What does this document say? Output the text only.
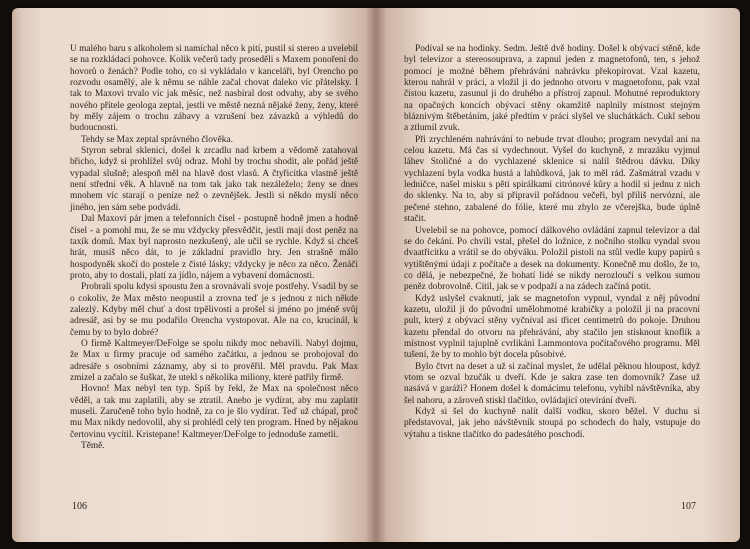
U malého baru s alkoholem si namíchal něco k pití, pustil si stereo a uvelebil se na rozkládací pohovce. Kolik večerů tady proseděli s Maxem ponořeni do hovorů o ženách? Podle toho, co si vykládalo v kanceláři, byl Orencho po rozvodu osamělý, ale k němu se náhle začal chovat daleko víc přátelsky. I tak to Maxovi trvalo víc jak měsíc, než nasbíral dost odvahy, aby se svého nového přítele geologa zeptal, jestli ve městě nezná nějaké ženy, ženy, které by měly zájem o trochu zábavy a vzrušení bez závazků a výhledů do budoucnosti.

Tehdy se Max zeptal správného člověka.

Styron sebral sklenici, došel k zrcadlu nad krbem a vědomě zatahoval břicho, když si prohlížel svůj odraz. Mohl by trochu shodit, ale pořád ještě vypadal slušně; alespoň měl na hlavě dost vlasů. A čtyřicítka vlastně ještě není střední věk. A hlavně na tom tak jako tak nezáleželo; ženy se dnes mnohem víc starají o peníze než o zevnějšek. Jestli si někdo myslí něco jiného, jen sám sebe podvádí.

Dal Maxovi pár jmen a telefonních čísel - postupně hodně jmen a hodně čísel - a pomohl mu, že se mu vždycky přesvědčit, jestli mají dost peněz na taxík domů. Max byl naprosto nezkušený, ale učil se rychle. Když si chceš hrát, musíš něco dát, to je základní pravidlo hry. Jen strašně málo hospodyněk skočí do postele z čisté lásky; vždycky je něco za něco. Ženáči proto, aby to dostali, platí za jídlo, nájem a vybavení domácnosti.

Probrali spolu kdysi spoustu žen a srovnávali svoje postřehy. Vsadil by se o cokoliv, že Max město neopustil a zrovna teď je s jednou z nich někde zalezlý. Kdyby měl chuť a dost trpělivosti a prošel si jméno po jméně svůj adresář, asi by se mu podařilo Orencha vystopovat. Ale na co, krucinál, k čemu by to bylo dobré?

O firmě Kaltmeyer/DeFolge se spolu nikdy moc nebavili. Nabyl dojmu, že Max u firmy pracuje od samého začátku, a jednou se probojoval do adresáře s osobními záznamy, aby si to prověřil. Měl pravdu. Pak Max zmizel a začalo se šuškat, že utekl s několika miliony, které patřily firmě.

Hovno! Max nebyl ten typ. Spíš by řekl, že Max na společnost něco věděl, a tak mu zaplatili, aby se ztratil. Anebo je vydírat, aby mu zaplatit museli. Zaručeně toho bylo hodně, za co je šlo vydírat. Teď už chápal, proč mu Max nikdy nedovolil, aby si prohlédl celý ten program. Hned by nějakou čertovinu vycítil. Kristepane! Kaltmeyer/DeFolge to jednoduše zametli.

Těmě.

106

Podíval se na hodinky. Sedm. Ještě dvě hodiny. Došel k obývací stěně, kde byl televizor a stereosouprava, a zapnul jeden z magnetofonů, ten, s jehož pomocí je možné během přehrávání nahrávku překopírovat. Vzal kazetu, kterou nahrál v práci, a vložil ji do jednoho otvoru v magnetofonu, pak vzal čistou kazetu, zasunul ji do druhého a přístroj zapnul. Mohutné reproduktory na opačných koncích obývací stěny okamžitě naplnily místnost stejným bláznivým štěbetáním, jaké předtím v práci slyšel ve sluchátkách. Cukl sebou a ztlumil zvuk.

Při zrychleném nahrávání to nebude trvat dlouho; program nevydal ani na celou kazetu. Má čas si vydechnout. Vyšel do kuchyně, z mrazáku vyjmul láhev Stoličné a do vychlazené sklenice si nalil štědrou dávku. Díky vychlazení byla vodka hustá a lahůdková, jak to měl rád. Zašmátral vzadu v ledničce, našel misku s pěti spirálkami citrónové kůry a hodil si jednu z nich do sklenky. Na to, aby si připravil pořádnou večeři, byl příliš nervózní, ale pečené stehno, zabalené do fólie, které mu zbylo ze včerejška, bude úplně stačit.

Uvelebil se na pohovce, pomocí dálkového ovládání zapnul televizor a dal se do čekání. Po chvíli vstal, přešel do ložnice, z nočního stolku vyndal svou dvaatřicítku a vrátil se do obýváku. Položil pistoli na stůl vedle kupy papírů s vytištěnými údaji z počítače a desek na dokumenty. Konečně mu došlo, že to, co dělá, je nebezpečné, že bohatí lidé se nikdy nerozloučí s velkou sumou peněz dobrovolně. Cítil, jak se v podpaží a na zádech začíná potit.

Když uslyšel cvaknutí, jak se magnetofon vypnul, vyndal z něj původní kazetu, uložil ji do původní umělohmotné krabičky a položil ji na pracovní pult, který z obývací stěny vyčníval asi třicet centimetrů do pokoje. Druhou kazetu přendal do otvoru na přehrávání, aby stačilo jen stisknout knoflík a místnost vyplnil tajuplně cvrlikání Lammontova počítačového programu. Měl tušení, že by to mohlo být docela působivé.

Bylo čtvrt na deset a už si začínal myslet, že udělal pěknou hloupost, když vtom se ozval bzučák u dveří. Kde je sakra zase ten domovník? Zase už nasává v garáži? Honem došel k domácímu telefonu, vyhibl návštěvníka, aby šel nahoru, a zároveň stiskl tlačítko, ovládající otevírání dveří.

Když si šel do kuchyně nalít další vodku, skoro běžel. V duchu si představoval, jak jeho návštěvník stoupá po schodech do haly, vstupuje do výtahu a tiskne tlačítko do padesátého poschodí.

107
